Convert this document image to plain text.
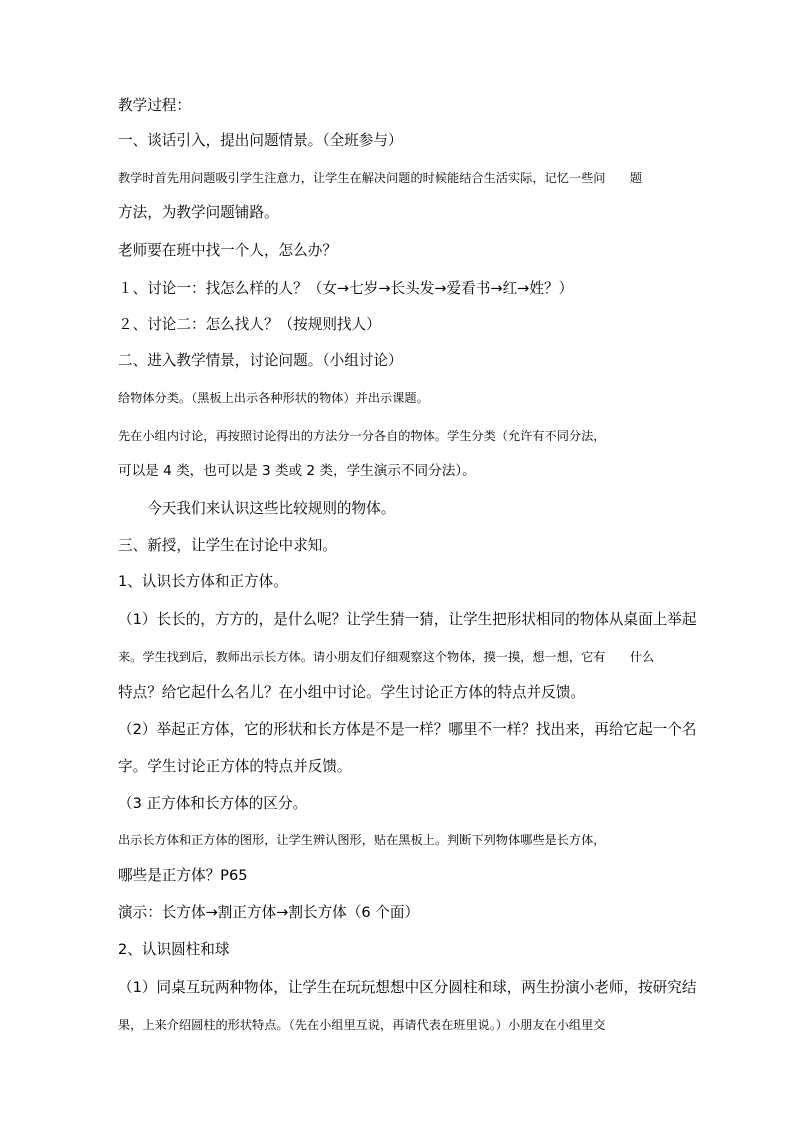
教学过程：
一、谈话引入，提出问题情景。（全班参与）
教学时首先用问题吸引学生注意力，让学生在解决问题的时候能结合生活实际，记忆一些问　　题
方法，为教学问题铺路。
老师要在班中找一个人，怎么办？
１、讨论一：找怎么样的人？（女→七岁→长头发→爱看书→红→姓？）
２、讨论二：怎么找人？（按规则找人）
二、进入教学情景，讨论问题。（小组讨论）
给物体分类。（黑板上出示各种形状的物体）并出示课题。
先在小组内讨论，再按照讨论得出的方法分一分各自的物体。学生分类（允许有不同分法，
可以是 4 类，也可以是 3 类或 2 类，学生演示不同分法）。
　　今天我们来认识这些比较规则的物体。
三、新授，让学生在讨论中求知。
1、认识长方体和正方体。
（1）长长的，方方的，是什么呢？让学生猜一猜，让学生把形状相同的物体从桌面上举起
来。学生找到后，教师出示长方体。请小朋友们仔细观察这个物体，摸一摸，想一想，它有　　什么
特点？给它起什么名儿？在小组中讨论。学生讨论正方体的特点并反馈。
（2）举起正方体，它的形状和长方体是不是一样？哪里不一样？找出来，再给它起一个名
字。学生讨论正方体的特点并反馈。
（3 正方体和长方体的区分。
出示长方体和正方体的图形，让学生辨认图形，贴在黑板上。判断下列物体哪些是长方体，
哪些是正方体？P65
演示：长方体→割正方体→割长方体（6 个面）
2、认识圆柱和球
（1）同桌互玩两种物体，让学生在玩玩想想中区分圆柱和球，两生扮演小老师，按研究结
果，上来介绍圆柱的形状特点。（先在小组里互说，再请代表在班里说。）小朋友在小组里交
